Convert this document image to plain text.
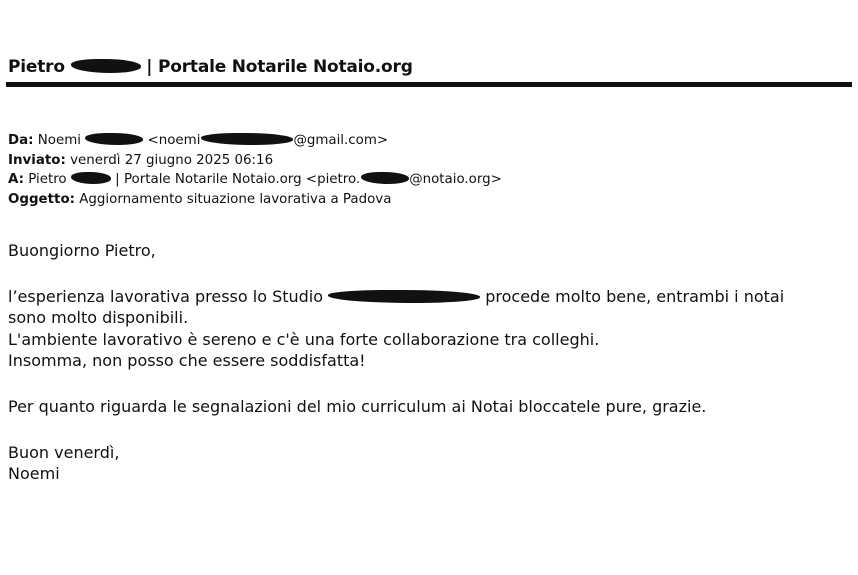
Pietro	| Portale Notarile Notaio.org
Da: Noemi	<noemi	@gmail.com>
Inviato: venerdì 27 giugno 2025 06:16
A: Pietro	| Portale Notarile Notaio.org <pietro.	@notaio.org>
Oggetto: Aggiornamento situazione lavorativa a Padova

Buongiorno Pietro,

l’esperienza lavorativa presso lo Studio	procede molto bene, entrambi i notai

sono molto disponibili.

L'ambiente lavorativo è sereno e c'è una forte collaborazione tra colleghi.

Insomma, non posso che essere soddisfatta!

Per quanto riguarda le segnalazioni del mio curriculum ai Notai bloccatele pure, grazie.

Buon venerdì,

Noemi
